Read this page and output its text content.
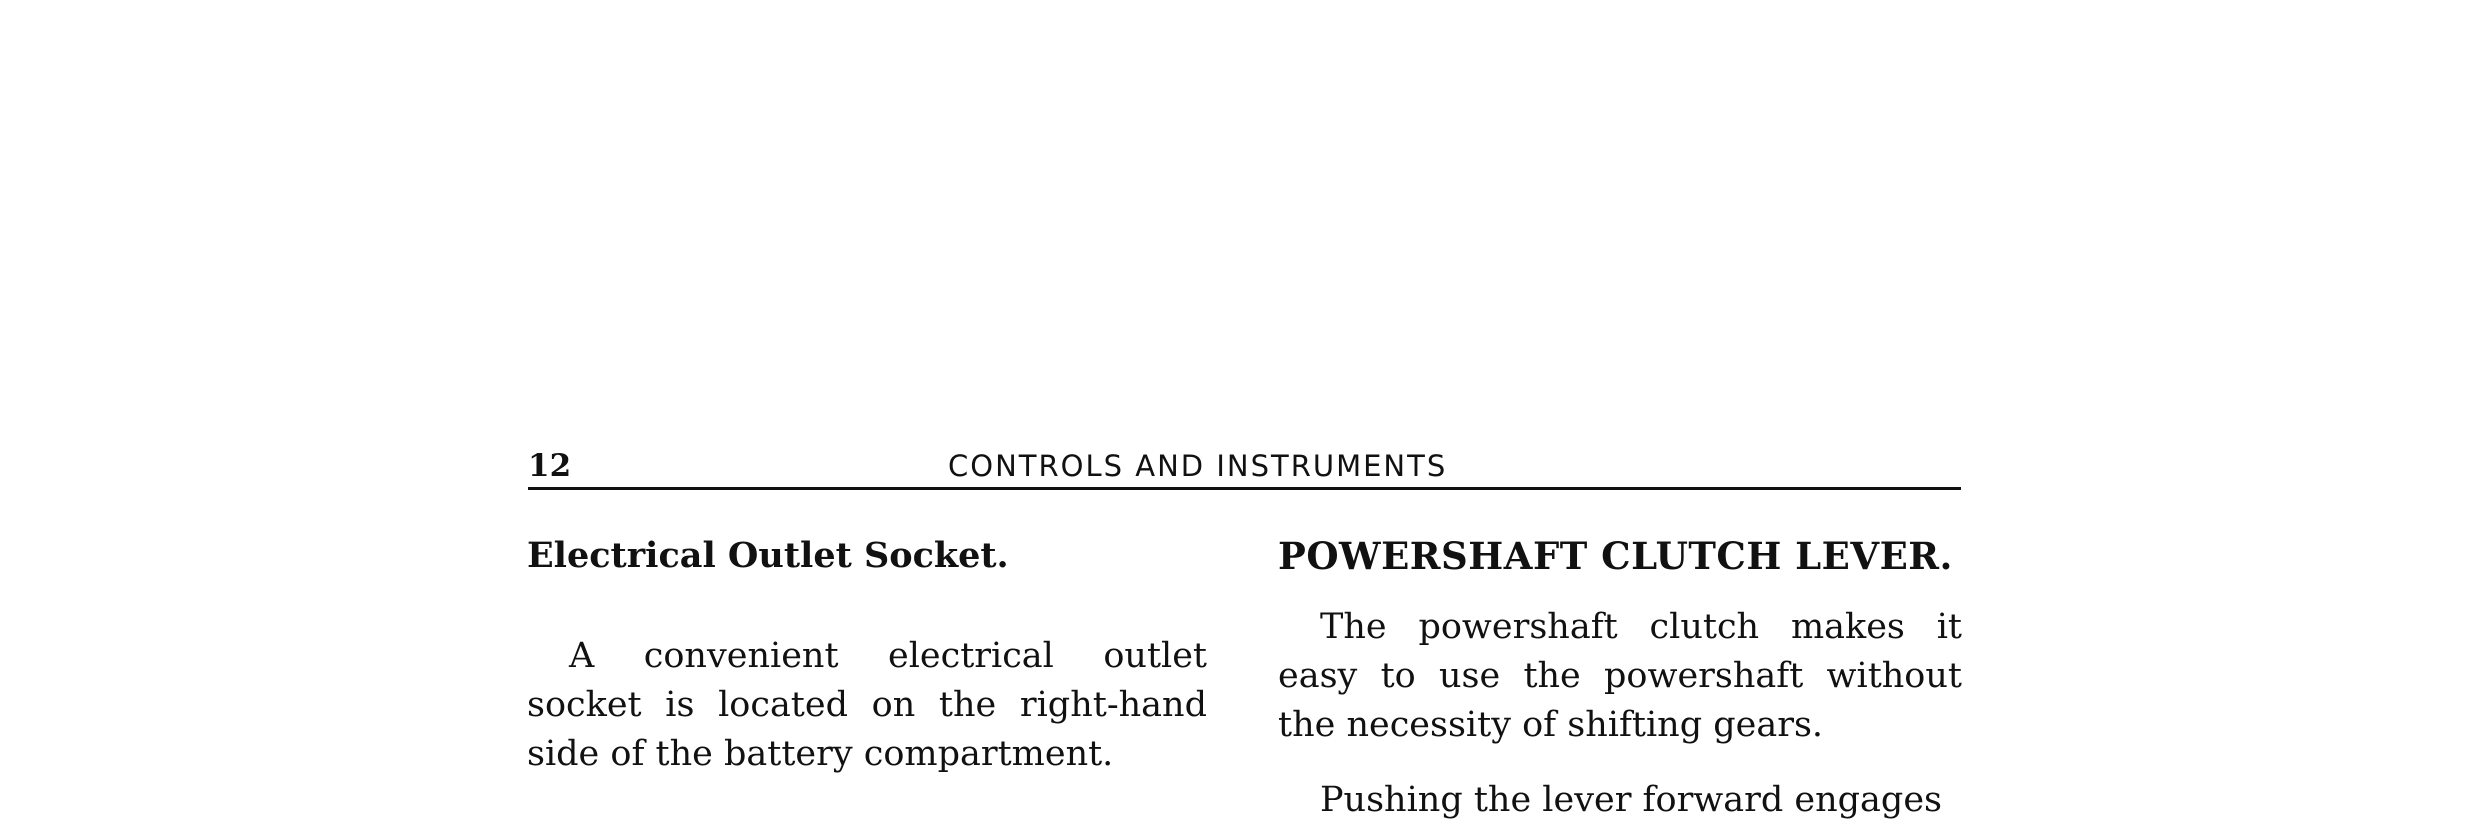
12	CONTROLS AND INSTRUMENTS
Electrical Outlet Socket.

A convenient electrical outlet socket is located on the right-hand side of the battery compartment.

POWERSHAFT CLUTCH LEVER.

The powershaft clutch makes it easy to use the powershaft without the necessity of shifting gears.

Pushing the lever forward engages
